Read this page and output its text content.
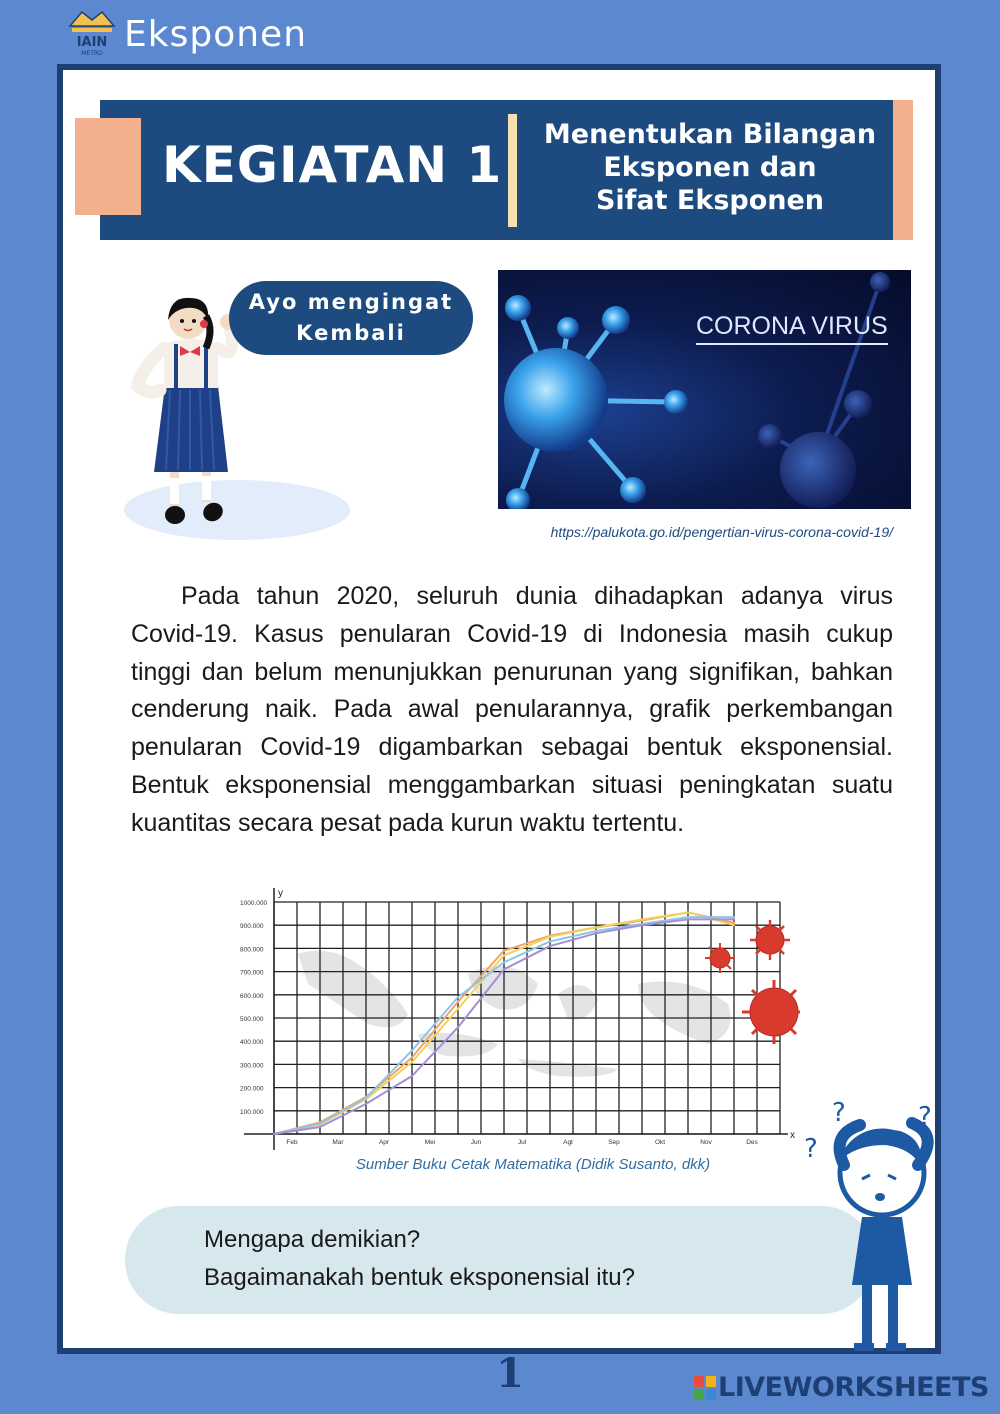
IAIN
METRO Eksponen
KEGIATAN 1
Menentukan Bilangan
Eksponen dan
Sifat Eksponen
Ayo mengingat
Kembali	CORONA VIRUS
https://palukota.go.id/pengertian-virus-corona-covid-19/

Pada tahun 2020, seluruh dunia dihadapkan adanya virus Covid-19. Kasus penularan Covid-19 di Indonesia masih cukup tinggi dan belum menunjukkan penurunan yang signifikan, bahkan cenderung naik. Pada awal penularannya, grafik perkembangan penularan Covid-19 digambarkan sebagai bentuk eksponensial. Bentuk eksponensial menggambarkan situasi peningkatan suatu kuantitas secara pesat pada kurun waktu tertentu.

y
x
100.000
200.000
300.000
400.000
500.000
600.000
700.000
800.000
900.000
1000.000
Feb	Mar	Apr	Mei	Jun	Jul	Agt	Sep	Okt	Nov	Des
Sumber Buku Cetak Matematika (Didik Susanto, dkk)
Mengapa demikian?
Bagaimanakah bentuk eksponensial itu?
?	?
?
1	LIVEWORKSHEETS
